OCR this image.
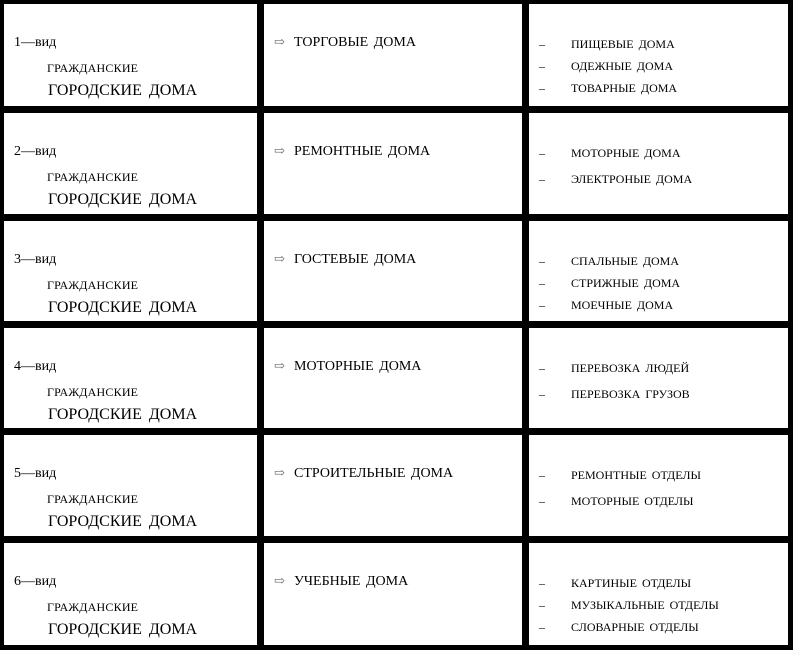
1—вид
ГРАЖДАНСКИЕ
ГОРОДСКИЕ ДОМА
⇨ ТОРГОВЫЕ ДОМА	– ПИЩЕВЫЕ ДОМА
– ОДЕЖНЫЕ ДОМА
– ТОВАРНЫЕ ДОМА
2—вид
ГРАЖДАНСКИЕ
ГОРОДСКИЕ ДОМА
⇨ РЕМОНТНЫЕ ДОМА	– МОТОРНЫЕ ДОМА
– ЭЛЕКТРОНЫЕ ДОМА
3—вид
ГРАЖДАНСКИЕ
ГОРОДСКИЕ ДОМА
⇨ ГОСТЕВЫЕ ДОМА	– СПАЛЬНЫЕ ДОМА
– СТРИЖНЫЕ ДОМА
– МОЕЧНЫЕ ДОМА
4—вид
ГРАЖДАНСКИЕ
ГОРОДСКИЕ ДОМА
⇨ МОТОРНЫЕ ДОМА	– ПЕРЕВОЗКА ЛЮДЕЙ
– ПЕРЕВОЗКА ГРУЗОВ
5—вид
ГРАЖДАНСКИЕ
ГОРОДСКИЕ ДОМА
⇨ СТРОИТЕЛЬНЫЕ ДОМА	– РЕМОНТНЫЕ ОТДЕЛЫ
– МОТОРНЫЕ ОТДЕЛЫ
6—вид
ГРАЖДАНСКИЕ
ГОРОДСКИЕ ДОМА
⇨ УЧЕБНЫЕ ДОМА	– КАРТИНЫЕ ОТДЕЛЫ
– МУЗЫКАЛЬНЫЕ ОТДЕЛЫ
– СЛОВАРНЫЕ ОТДЕЛЫ
